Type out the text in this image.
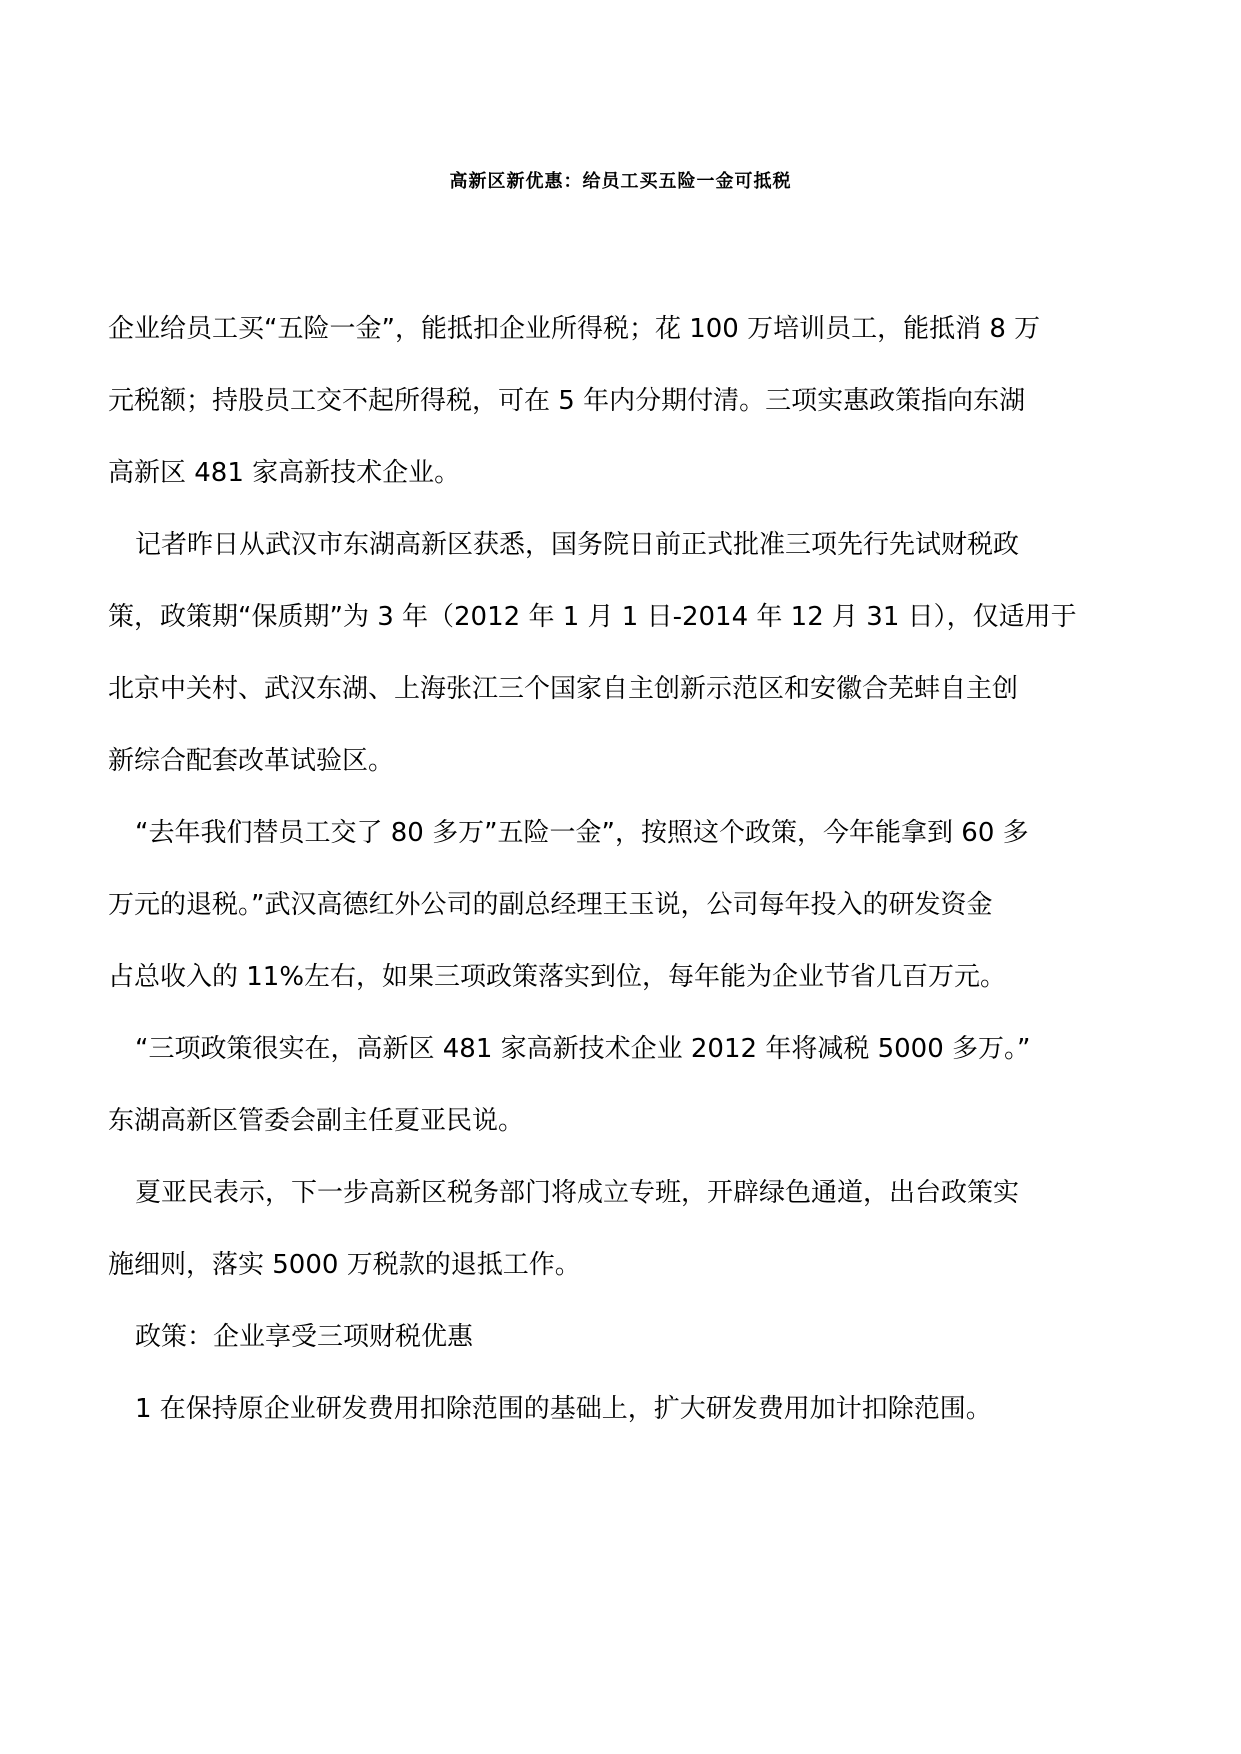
高新区新优惠：给员工买五险一金可抵税
企业给员工买“五险一金”，能抵扣企业所得税；花 100 万培训员工，能抵消 8 万
元税额；持股员工交不起所得税，可在 5 年内分期付清。三项实惠政策指向东湖
高新区 481 家高新技术企业。
记者昨日从武汉市东湖高新区获悉，国务院日前正式批准三项先行先试财税政
策，政策期“保质期”为 3 年（2012 年 1 月 1 日-2014 年 12 月 31 日），仅适用于
北京中关村、武汉东湖、上海张江三个国家自主创新示范区和安徽合芜蚌自主创
新综合配套改革试验区。
“去年我们替员工交了 80 多万”五险一金”，按照这个政策，今年能拿到 60 多
万元的退税。”武汉高德红外公司的副总经理王玉说，公司每年投入的研发资金
占总收入的 11%左右，如果三项政策落实到位，每年能为企业节省几百万元。
“三项政策很实在，高新区 481 家高新技术企业 2012 年将减税 5000 多万。”
东湖高新区管委会副主任夏亚民说。
夏亚民表示，下一步高新区税务部门将成立专班，开辟绿色通道，出台政策实
施细则，落实 5000 万税款的退抵工作。
政策：企业享受三项财税优惠
1 在保持原企业研发费用扣除范围的基础上，扩大研发费用加计扣除范围。
